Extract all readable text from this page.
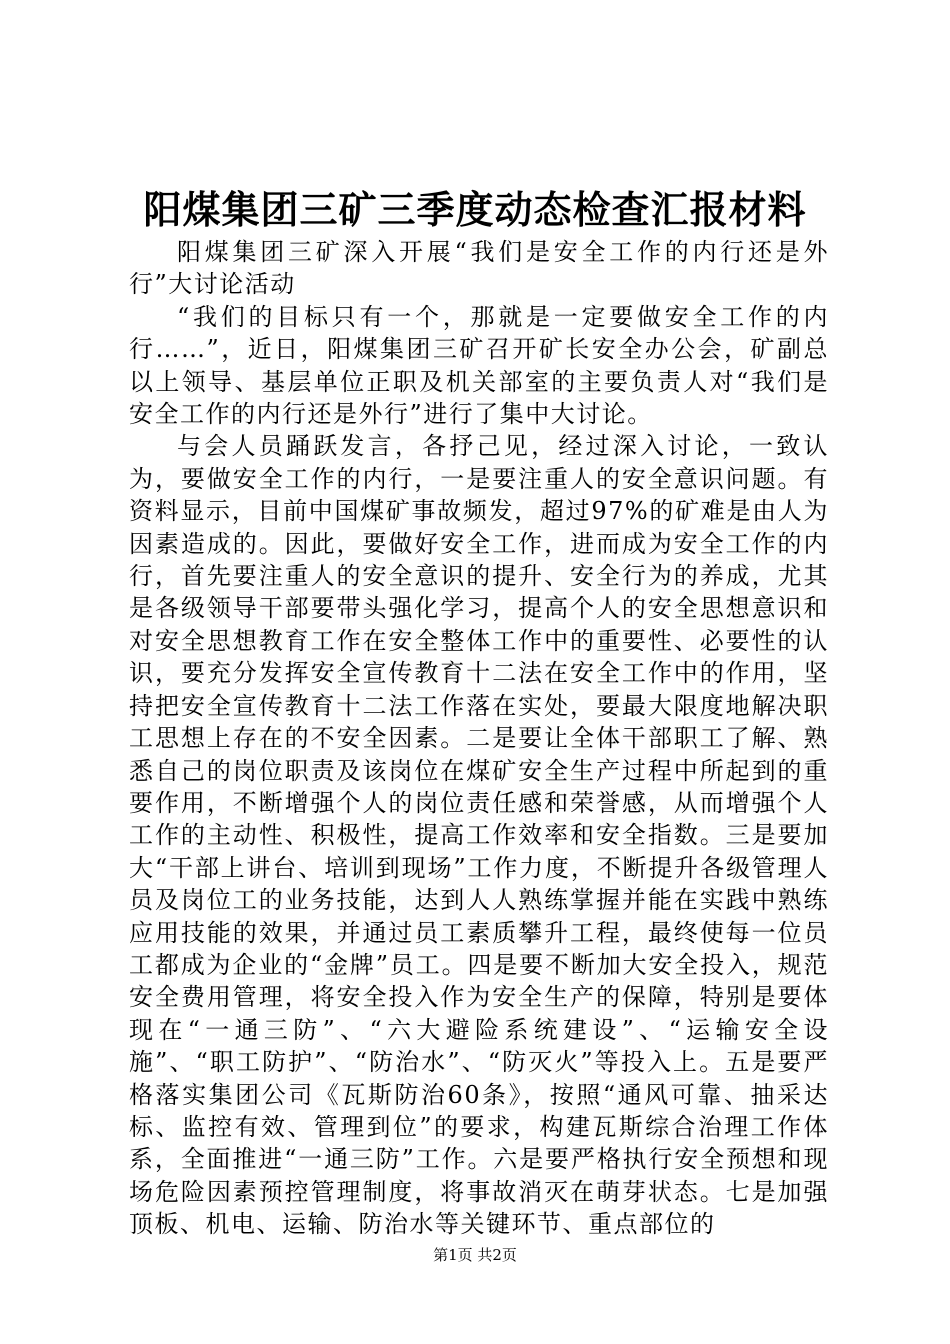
阳煤集团三矿三季度动态检查汇报材料

阳煤集团三矿深入开展“我们是安全工作的内行还是外行”大讨论活动

“我们的目标只有一个，那就是一定要做安全工作的内行……”，近日，阳煤集团三矿召开矿长安全办公会，矿副总以上领导、基层单位正职及机关部室的主要负责人对“我们是安全工作的内行还是外行”进行了集中大讨论。

与会人员踊跃发言，各抒己见，经过深入讨论，一致认为，要做安全工作的内行，一是要注重人的安全意识问题。有资料显示，目前中国煤矿事故频发，超过97%的矿难是由人为因素造成的。因此，要做好安全工作，进而成为安全工作的内行，首先要注重人的安全意识的提升、安全行为的养成，尤其是各级领导干部要带头强化学习，提高个人的安全思想意识和对安全思想教育工作在安全整体工作中的重要性、必要性的认识，要充分发挥安全宣传教育十二法在安全工作中的作用，坚持把安全宣传教育十二法工作落在实处，要最大限度地解决职工思想上存在的不安全因素。二是要让全体干部职工了解、熟悉自己的岗位职责及该岗位在煤矿安全生产过程中所起到的重要作用，不断增强个人的岗位责任感和荣誉感，从而增强个人工作的主动性、积极性，提高工作效率和安全指数。三是要加大“干部上讲台、培训到现场”工作力度，不断提升各级管理人员及岗位工的业务技能，达到人人熟练掌握并能在实践中熟练应用技能的效果，并通过员工素质攀升工程，最终使每一位员工都成为企业的“金牌”员工。四是要不断加大安全投入，规范安全费用管理，将安全投入作为安全生产的保障，特别是要体现在“一通三防”、“六大避险系统建设”、“运输安全设施”、“职工防护”、“防治水”、“防灭火”等投入上。五是要严格落实集团公司《瓦斯防治60条》，按照“通风可靠、抽采达标、监控有效、管理到位”的要求，构建瓦斯综合治理工作体系，全面推进“一通三防”工作。六是要严格执行安全预想和现场危险因素预控管理制度，将事故消灭在萌芽状态。七是加强顶板、机电、运输、防治水等关键环节、重点部位的

第1页 共2页
